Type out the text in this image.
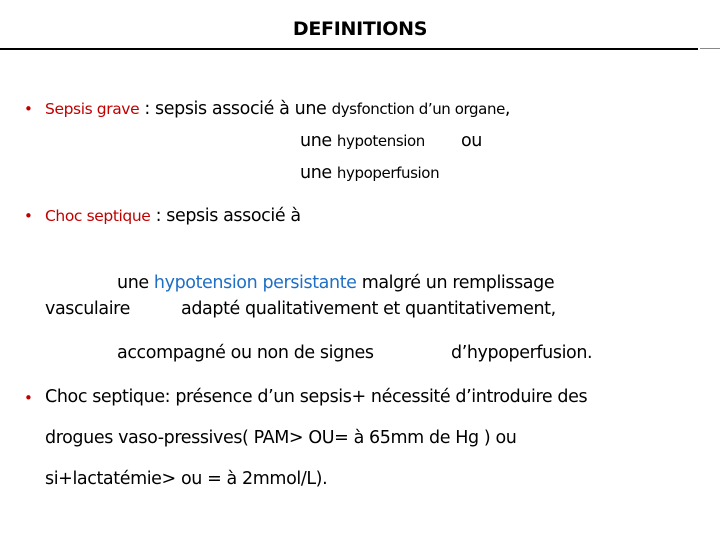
DEFINITIONS
• Sepsis grave : sepsis associé à une dysfonction d’un organe,
une hypotension ou
une hypoperfusion
• Choc septique : sepsis associé à
une hypotension persistante malgré un remplissage
vasculaire	adapté qualitativement et quantitativement,
accompagné ou non de signes	d’hypoperfusion.
• Choc septique: présence d’un sepsis+ nécessité d’introduire des
drogues vaso-pressives( PAM> OU= à 65mm de Hg ) ou
si+lactatémie> ou = à 2mmol/L).
